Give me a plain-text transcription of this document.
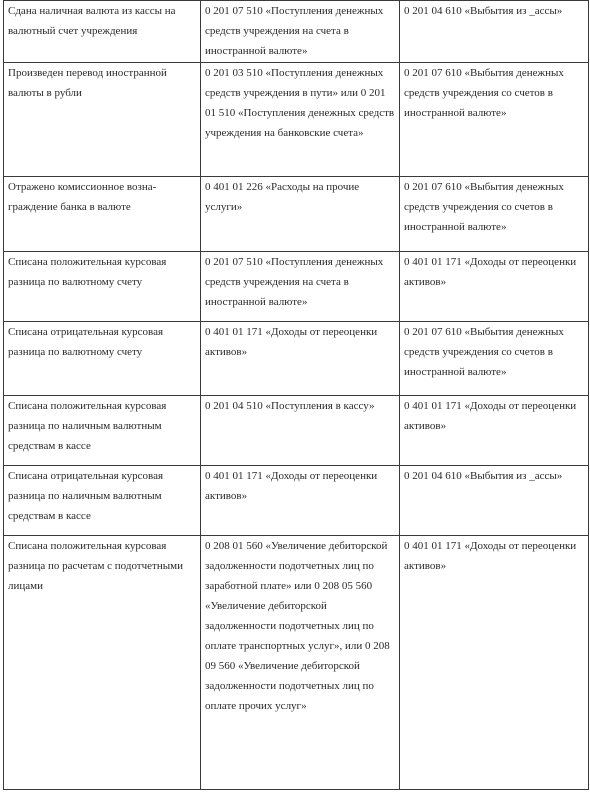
Сдана наличная валюта из кассы на валютный счет учреждения	0 201 07 510 «Поступления денежных средств учреждения на счета в иностранной валюте»	0 201 04 610 «Выбытия из _ассы»

Произведен перевод иностранной валюты в рубли	0 201 03 510 «Поступления денежных средств учреждения в пути» или 0 201 01 510 «Поступления денежных средств учреждения на банковские счета»	0 201 07 610 «Выбытия денежных средств учреждения со счетов в иностранной валюте»

Отражено комиссионное вознаграждение банка в валюте	0 401 01 226 «Расходы на прочие услуги»	0 201 07 610 «Выбытия денежных средств учреждения со счетов в иностранной валюте»

Списана положительная курсовая разница по валютному счету	0 201 07 510 «Поступления денежных средств учреждения на счета в иностранной валюте»	0 401 01 171 «Доходы от переоценки активов»

Списана отрицательная курсовая разница по валютному счету	0 401 01 171 «Доходы от переоценки активов»	0 201 07 610 «Выбытия денежных средств учреждения со счетов в иностранной валюте»

Списана положительная курсовая разница по наличным валютным средствам в кассе	0 201 04 510 «Поступления в кассу»	0 401 01 171 «Доходы от переоценки активов»

Списана отрицательная курсовая разница по наличным валютным средствам в кассе	0 401 01 171 «Доходы от переоценки активов»	0 201 04 610 «Выбытия из _ассы»

Списана положительная курсовая разница по расчетам с подотчетными лицами	0 208 01 560 «Увеличение дебиторской задолженности подотчетных лиц по заработной плате» или 0 208 05 560 «Увеличение дебиторской задолженности подотчетных лиц по оплате транспортных услуг», или 0 208 09 560 «Увеличение дебиторской задолженности подотчетных лиц по оплате прочих услуг»	0 401 01 171 «Доходы от переоценки активов»
